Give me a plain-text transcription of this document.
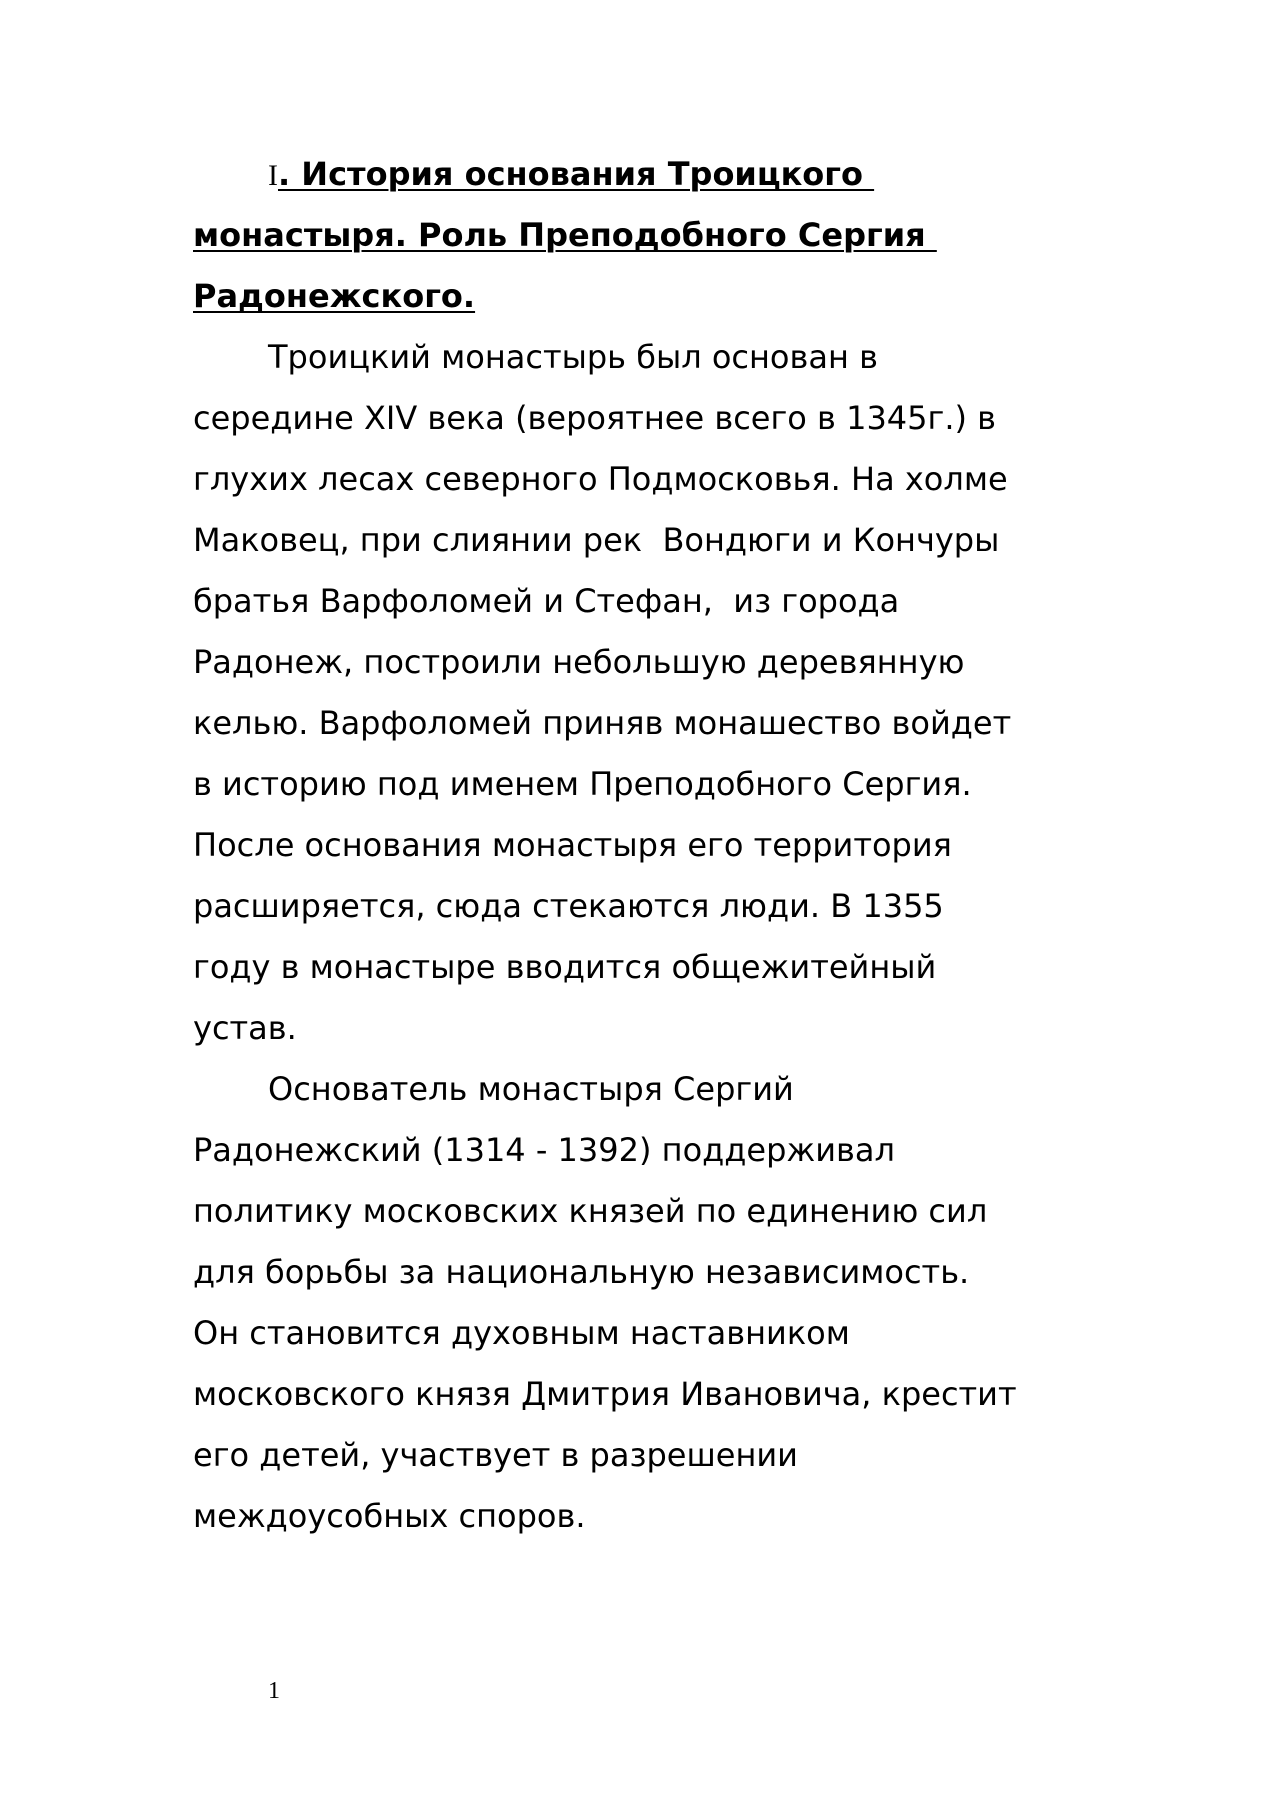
I. История основания Троицкого
монастыря. Роль Преподобного Сергия
Радонежского.
Троицкий монастырь был основан в
середине XIV века (вероятнее всего в 1345г.) в
глухих лесах северного Подмосковья. На холме
Маковец, при слиянии рек  Вондюги и Кончуры
братья Варфоломей и Стефан,  из города
Радонеж, построили небольшую деревянную
келью. Варфоломей приняв монашество войдет
в историю под именем Преподобного Сергия.
После основания монастыря его территория
расширяется, сюда стекаются люди. В 1355
году в монастыре вводится общежитейный
устав.
Основатель монастыря Сергий
Радонежский (1314 - 1392) поддерживал
политику московских князей по единению сил
для борьбы за национальную независимость.
Он становится духовным наставником
московского князя Дмитрия Ивановича, крестит
его детей, участвует в разрешении
междоусобных споров.
1
